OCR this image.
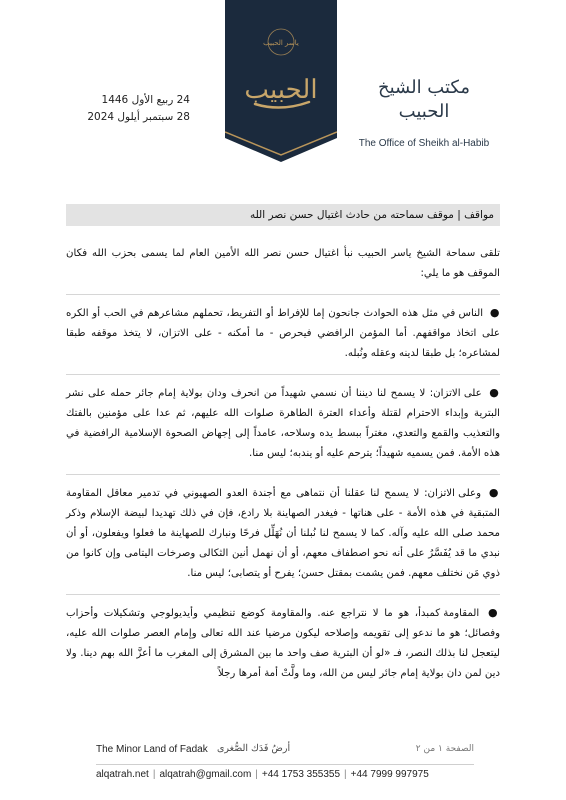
24 ربيع الأول 1446
28 سبتمبر أيلول 2024
ياسر الحبيب
الحبيب	مكتب الشيخ الحبيب
The Office of Sheikh al-Habib
مواقف | موقف سماحته من حادث اغتيال حسن نصر الله

تلقى سماحة الشيخ ياسر الحبيب نبأ اغتيال حسن نصر الله الأمين العام لما يسمى بحزب الله فكان الموقف هو ما يلي:

● الناس في مثل هذه الحوادث جانحون إما للإفراط أو التفريط، تحملهم مشاعرهم في الحب أو الكره على اتخاذ مواقفهم. أما المؤمن الرافضي فيحرص - ما أمكنه - على الاتزان، لا يتخذ موقفه طبقا لمشاعره؛ بل طبقا لدينه وعقله ونُبله.

● على الاتزان: لا يسمح لنا ديننا أن نسمي شهيداً من انحرف ودان بولاية إمام جائر حمله على نشر البترية وإبداء الاحترام لقتلة وأعداء العترة الطاهرة صلوات الله عليهم، ثم عدا على مؤمنين بالفتك والتعذيب والقمع والتعدي، مغتراً ببسط يده وسلاحه، عامداً إلى إجهاض الصحوة الإسلامية الرافضية في هذه الأمة. فمن يسميه شهيداً؛ يترحم عليه أو يندبه؛ ليس منا.

● وعلى الاتزان: لا يسمح لنا عقلنا أن نتماهى مع أجندة العدو الصهيوني في تدمير معاقل المقاومة المتبقية في هذه الأمة - على هناتها - فيغدر الصهاينة بلا رادع، فإن في ذلك تهديدا لبيضة الإسلام وذكر محمد صلى الله عليه وآله. كما لا يسمح لنا نُبلنا أن نُهَلِّل فرحًا ونبارك للصهاينة ما فعلوا ويفعلون، أو أن نبدي ما قد يُفَسَّرُ على أنه نحو اصطفاف معهم، أو أن نهمل أنين الثكالى وصرخات اليتامى وإن كانوا من ذوي مَن نختلف معهم. فمن يشمت بمقتل حسن؛ يفرح أو يتصابى؛ ليس منا.

● المقاومة كمبدأ، هو ما لا نتراجع عنه. والمقاومة كوضع تنظيمي وأيديولوجي وتشكيلات وأحزاب وفصائل؛ هو ما ندعو إلى تقويمه وإصلاحه ليكون مرضيا عند الله تعالى وإمام العصر صلوات الله عليه، ليتعجل لنا بذلك النصر، فـ «لو أن البترية صف واحد ما بين المشرق إلى المغرب ما أعزَّ الله بهم دينا. ولا دين لمن دان بولاية إمام جائر ليس من الله، وما ولَّتْ أمة أمرها رجلاً

The Minor Land of Fadak أرضُ فَدَك الصُّغرى	الصفحة ١ من ٢
alqatrah.net | alqatrah@gmail.com | +44 1753 355355 | +44 7999 997975
